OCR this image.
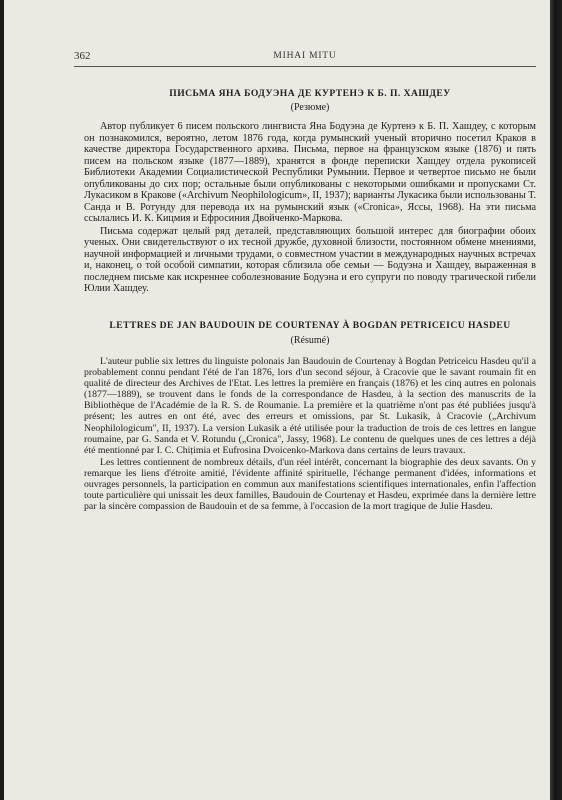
362	MIHAI MITU
ПИСЬМА ЯНА БОДУЭНА ДЕ КУРТЕНЭ К Б. П. ХАШДЕУ
(Резюме)

Автор публикует 6 писем польского лингвиста Яна Бодуэна де Куртенэ к Б. П. Хашдеу, с которым он познакомился, вероятно, летом 1876 года, когда румынский ученый вторично посетил Краков в качестве директора Государственного архива. Письма, первое на французском языке (1876) и пять писем на польском языке (1877—1889), хранятся в фонде переписки Хашдеу отдела рукописей Библиотеки Академии Социалистической Республики Румынии. Первое и четвертое письмо не были опубликованы до сих пор; остальные были опубликованы с некоторыми ошибками и пропусками Ст. Лукасиком в Кракове («Archivum Neophilologicum», II, 1937); варианты Лукасика были использованы Т. Санда и В. Ротунду для перевода их на румынский язык («Cronica», Яссы, 1968). На эти письма ссылались И. К. Кицмия и Ефросиния Двойченко-Маркова.

Письма содержат целый ряд деталей, представляющих большой интерес для биографии обоих ученых. Они свидетельствуют о их тесной дружбе, духовной близости, постоянном обмене мнениями, научной информацией и личными трудами, о совместном участии в международных научных встречах и, наконец, о той особой симпатии, которая сблизила обе семьи — Бодуэна и Хашдеу, выраженная в последнем письме как искреннее соболезнование Бодуэна и его супруги по поводу трагической гибели Юлии Хашдеу.

LETTRES DE JAN BAUDOUIN DE COURTENAY À BOGDAN PETRICEICU HASDEU
(Résumé)

L'auteur publie six lettres du linguiste polonais Jan Baudouin de Courtenay à Bogdan Petriceicu Hasdeu qu'il a probablement connu pendant l'été de l'an 1876, lors d'un second séjour, à Cracovie que le savant roumain fit en qualité de directeur des Archives de l'Etat. Les lettres la première en français (1876) et les cinq autres en polonais (1877—1889), se trouvent dans le fonds de la correspondance de Hasdeu, à la section des manuscrits de la Bibliothèque de l'Académie de la R. S. de Roumanie. La première et la quatrième n'ont pas été publiées jusqu'à présent; les autres en ont été, avec des erreurs et omissions, par St. Lukasik, à Cracovie („Archivum Neophilologicum", II, 1937). La version Lukasik a été utilisée pour la traduction de trois de ces lettres en langue roumaine, par G. Sanda et V. Rotundu („Cronica", Jassy, 1968). Le contenu de quelques unes de ces lettres a déjà été mentionné par I. C. Chițimia et Eufrosina Dvoicenko-Markova dans certains de leurs travaux.

Les lettres contiennent de nombreux détails, d'un réel intérêt, concernant la biographie des deux savants. On y remarque les liens d'étroite amitié, l'évidente affinité spirituelle, l'échange permanent d'idées, informations et ouvrages personnels, la participation en commun aux manifestations scientifiques internationales, enfin l'affection toute particulière qui unissait les deux familles, Baudouin de Courtenay et Hasdeu, exprimée dans la dernière lettre par la sincère compassion de Baudouin et de sa femme, à l'occasion de la mort tragique de Julie Hasdeu.
